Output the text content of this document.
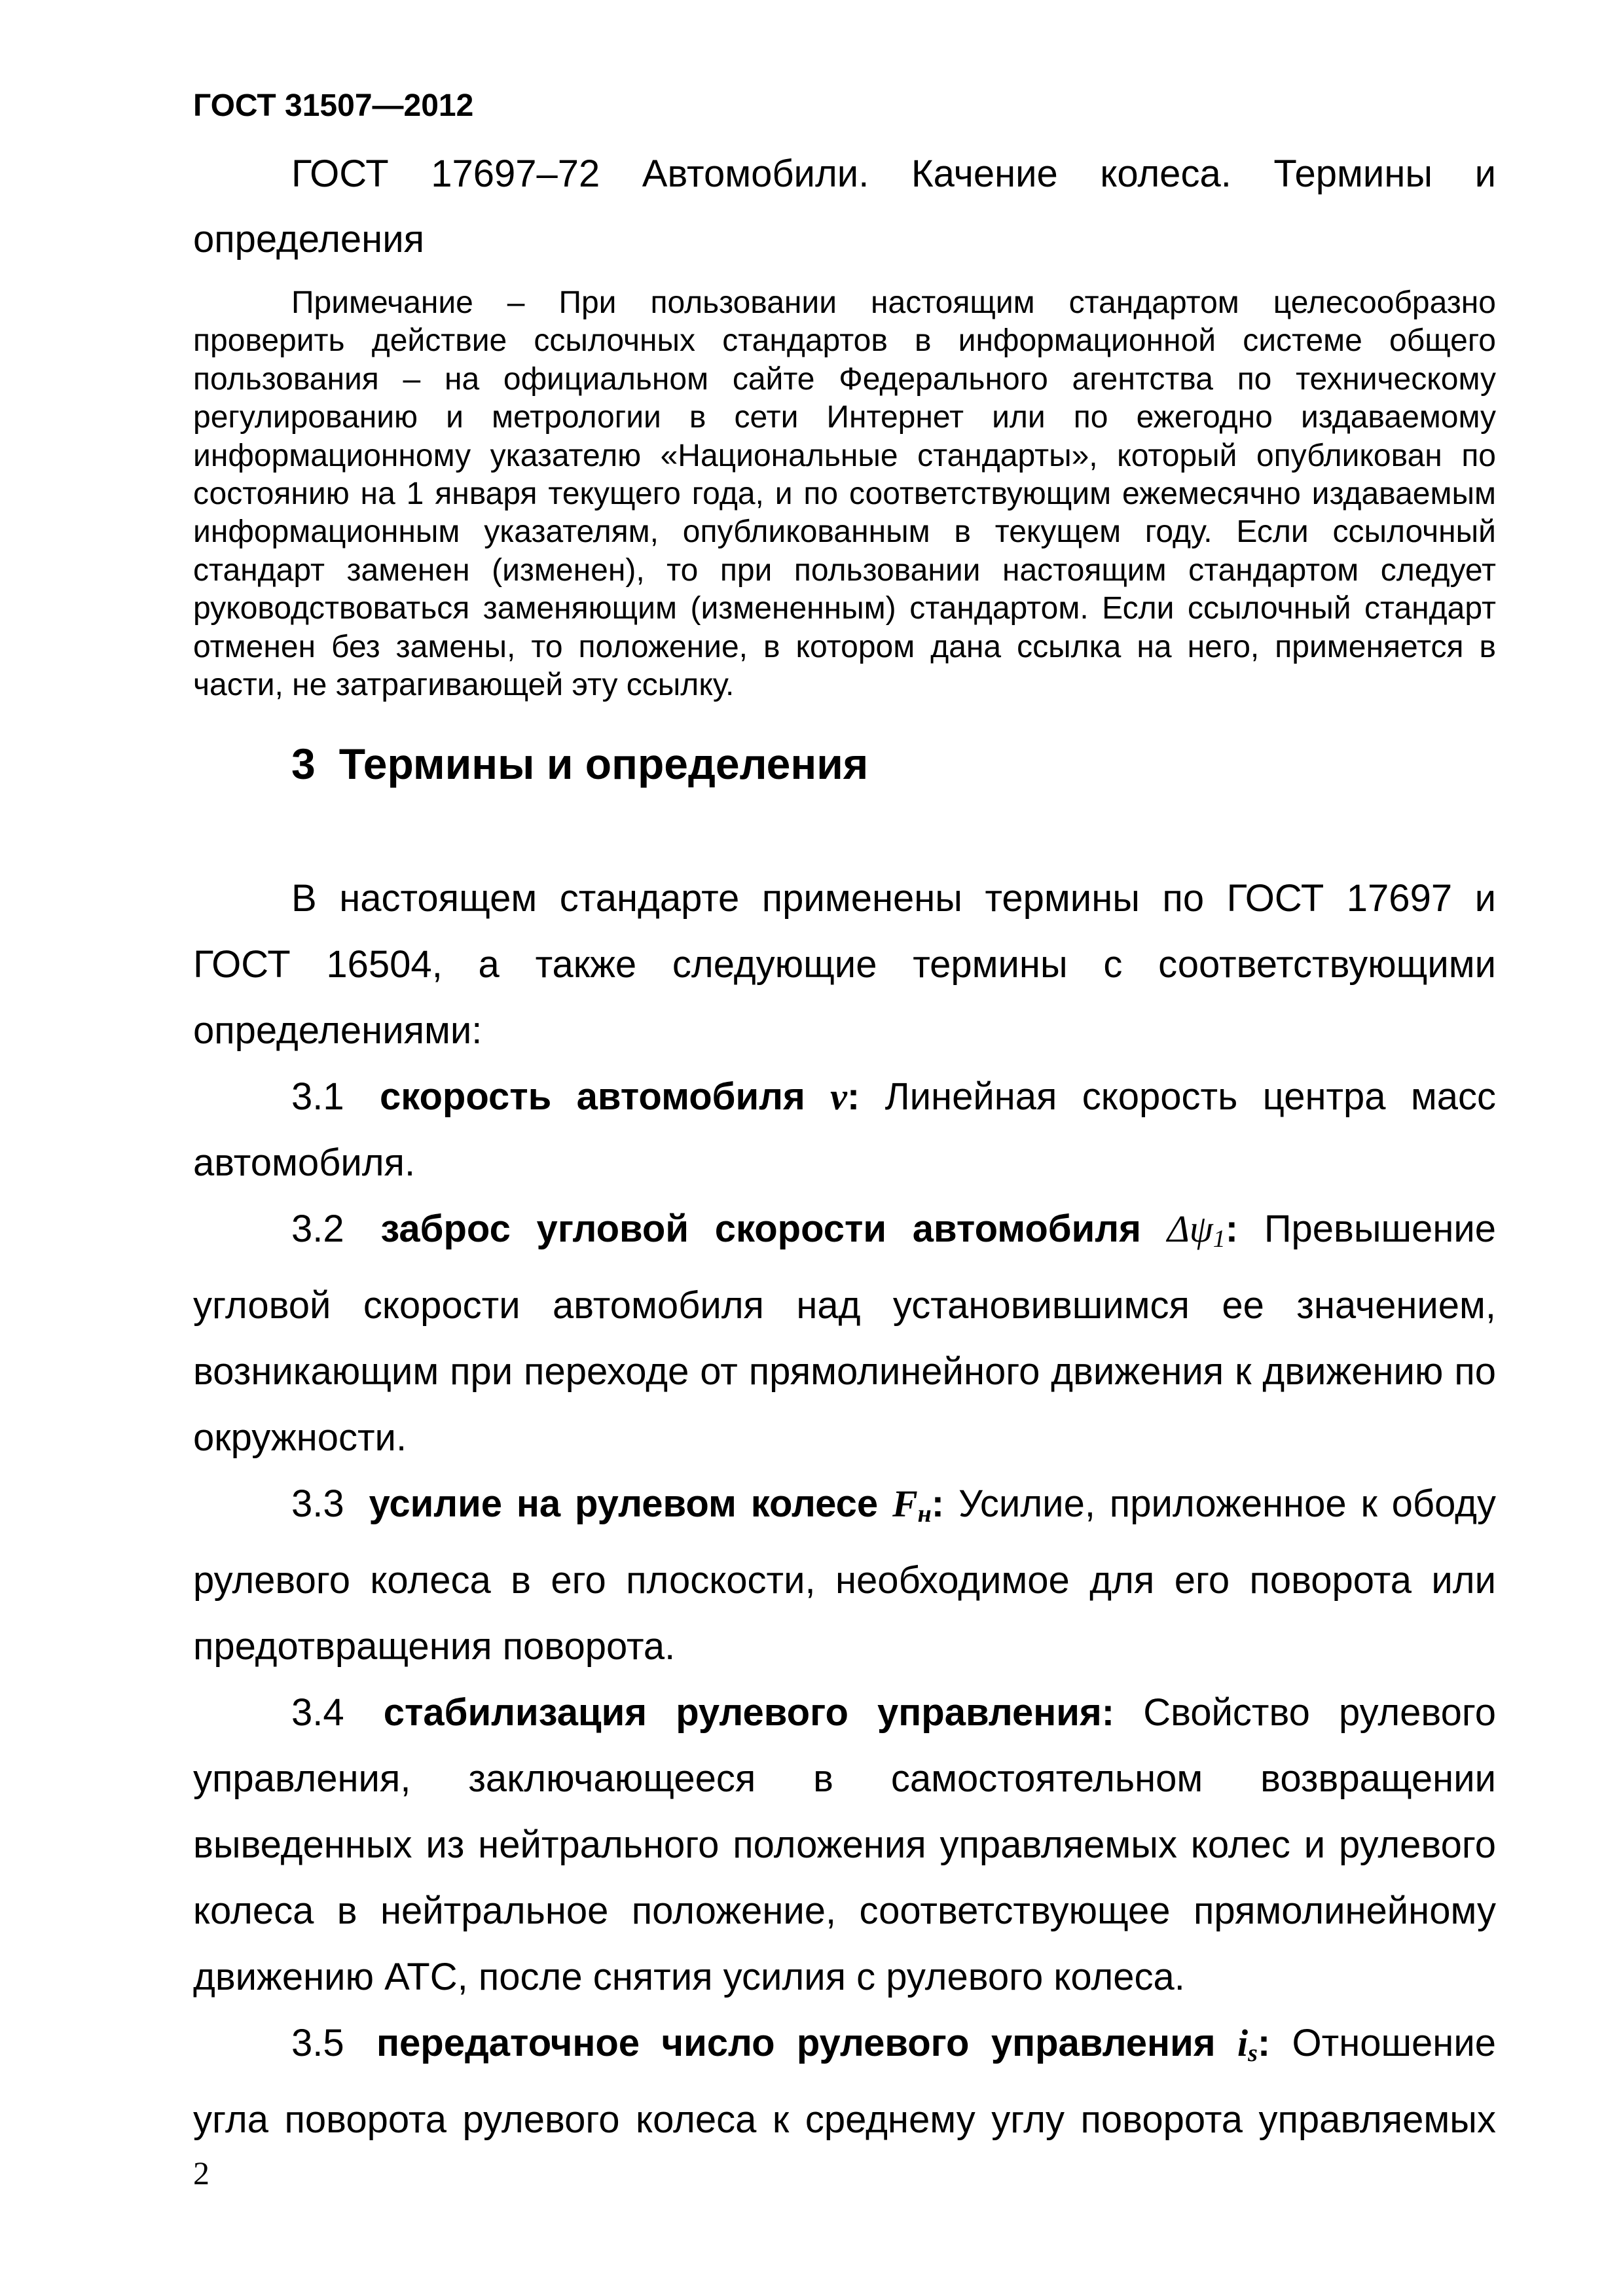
ГОСТ 31507—2012

ГОСТ 17697–72 Автомобили. Качение колеса. Термины и определения

Примечание – При пользовании настоящим стандартом целесообразно проверить действие ссылочных стандартов в информационной системе общего пользования – на официальном сайте Федерального агентства по техническому регулированию и метрологии в сети Интернет или по ежегодно издаваемому информационному указателю «Национальные стандарты», который опубликован по состоянию на 1 января текущего года, и по соответствующим ежемесячно издаваемым информационным указателям, опубликованным в текущем году. Если ссылочный стандарт заменен (изменен), то при пользовании настоящим стандартом следует руководствоваться заменяющим (измененным) стандартом. Если ссылочный стандарт отменен без замены, то положение, в котором дана ссылка на него, применяется в части, не затрагивающей эту ссылку.

3 Термины и определения

В настоящем стандарте применены термины по ГОСТ 17697 и ГОСТ 16504, а также следующие термины с соответствующими определениями:

3.1 скорость автомобиля v: Линейная скорость центра масс автомобиля.

3.2 заброс угловой скорости автомобиля Δψ1: Превышение угловой скорости автомобиля над установившимся ее значением, возникающим при переходе от прямолинейного движения к движению по окружности.

3.3 усилие на рулевом колесе Fн: Усилие, приложенное к ободу рулевого колеса в его плоскости, необходимое для его поворота или предотвращения поворота.

3.4 стабилизация рулевого управления: Свойство рулевого управления, заключающееся в самостоятельном возвращении выведенных из нейтрального положения управляемых колес и рулевого колеса в нейтральное положение, соответствующее прямолинейному движению АТС, после снятия усилия с рулевого колеса.

3.5 передаточное число рулевого управления is: Отношение угла поворота рулевого колеса к среднему углу поворота управляемых

2
